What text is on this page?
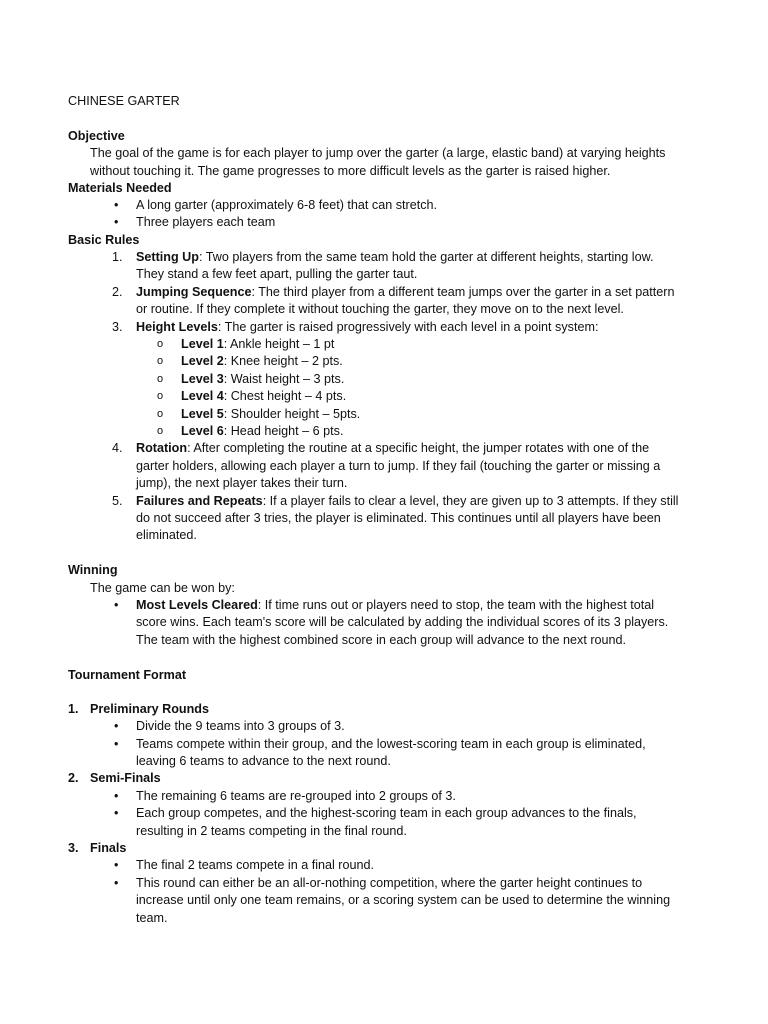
CHINESE GARTER
Objective
The goal of the game is for each player to jump over the garter (a large, elastic band) at varying heights
without touching it. The game progresses to more difficult levels as the garter is raised higher.
Materials Needed
• A long garter (approximately 6-8 feet) that can stretch.
• Three players each team
Basic Rules
1. Setting Up: Two players from the same team hold the garter at different heights, starting low.
They stand a few feet apart, pulling the garter taut.
2. Jumping Sequence: The third player from a different team jumps over the garter in a set pattern
or routine. If they complete it without touching the garter, they move on to the next level.
3. Height Levels: The garter is raised progressively with each level in a point system:
o Level 1: Ankle height – 1 pt
o Level 2: Knee height – 2 pts.
o Level 3: Waist height – 3 pts.
o Level 4: Chest height – 4 pts.
o Level 5: Shoulder height – 5pts.
o Level 6: Head height – 6 pts.
4. Rotation: After completing the routine at a specific height, the jumper rotates with one of the
garter holders, allowing each player a turn to jump. If they fail (touching the garter or missing a
jump), the next player takes their turn.
5. Failures and Repeats: If a player fails to clear a level, they are given up to 3 attempts. If they still
do not succeed after 3 tries, the player is eliminated. This continues until all players have been
eliminated.
Winning
The game can be won by:
• Most Levels Cleared: If time runs out or players need to stop, the team with the highest total
score wins. Each team's score will be calculated by adding the individual scores of its 3 players.
The team with the highest combined score in each group will advance to the next round.
Tournament Format
1. Preliminary Rounds
• Divide the 9 teams into 3 groups of 3.
• Teams compete within their group, and the lowest-scoring team in each group is eliminated,
leaving 6 teams to advance to the next round.
2. Semi-Finals
• The remaining 6 teams are re-grouped into 2 groups of 3.
• Each group competes, and the highest-scoring team in each group advances to the finals,
resulting in 2 teams competing in the final round.
3. Finals
• The final 2 teams compete in a final round.
• This round can either be an all-or-nothing competition, where the garter height continues to
increase until only one team remains, or a scoring system can be used to determine the winning
team.
